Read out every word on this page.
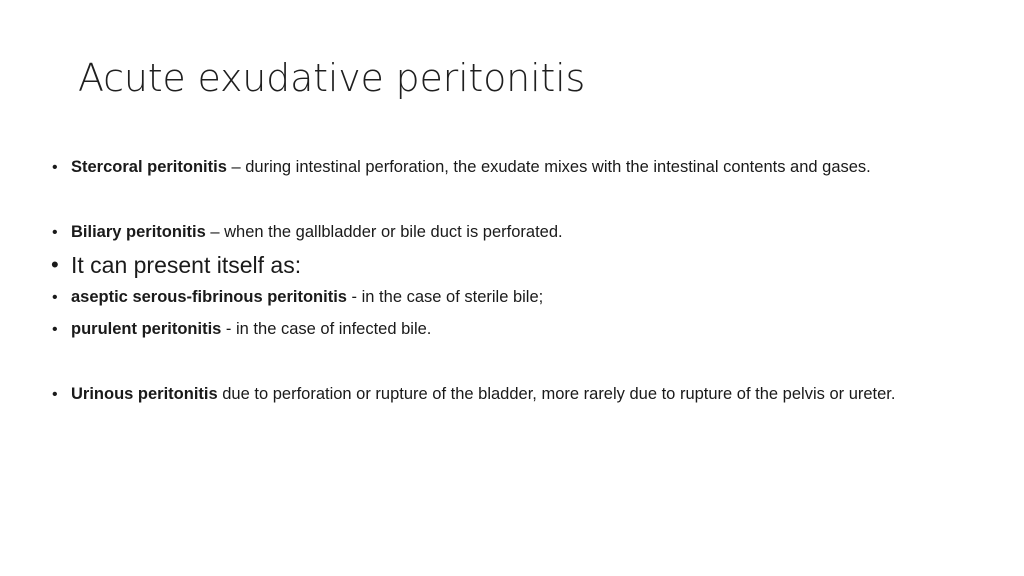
Acute exudative peritonitis
• Stercoral peritonitis – during intestinal perforation, the exudate mixes with the intestinal contents and gases.
• Biliary peritonitis – when the gallbladder or bile duct is perforated.
• It can present itself as:
• aseptic serous-fibrinous peritonitis - in the case of sterile bile;
• purulent peritonitis - in the case of infected bile.
• Urinous peritonitis due to perforation or rupture of the bladder, more rarely due to rupture of the pelvis or ureter.
